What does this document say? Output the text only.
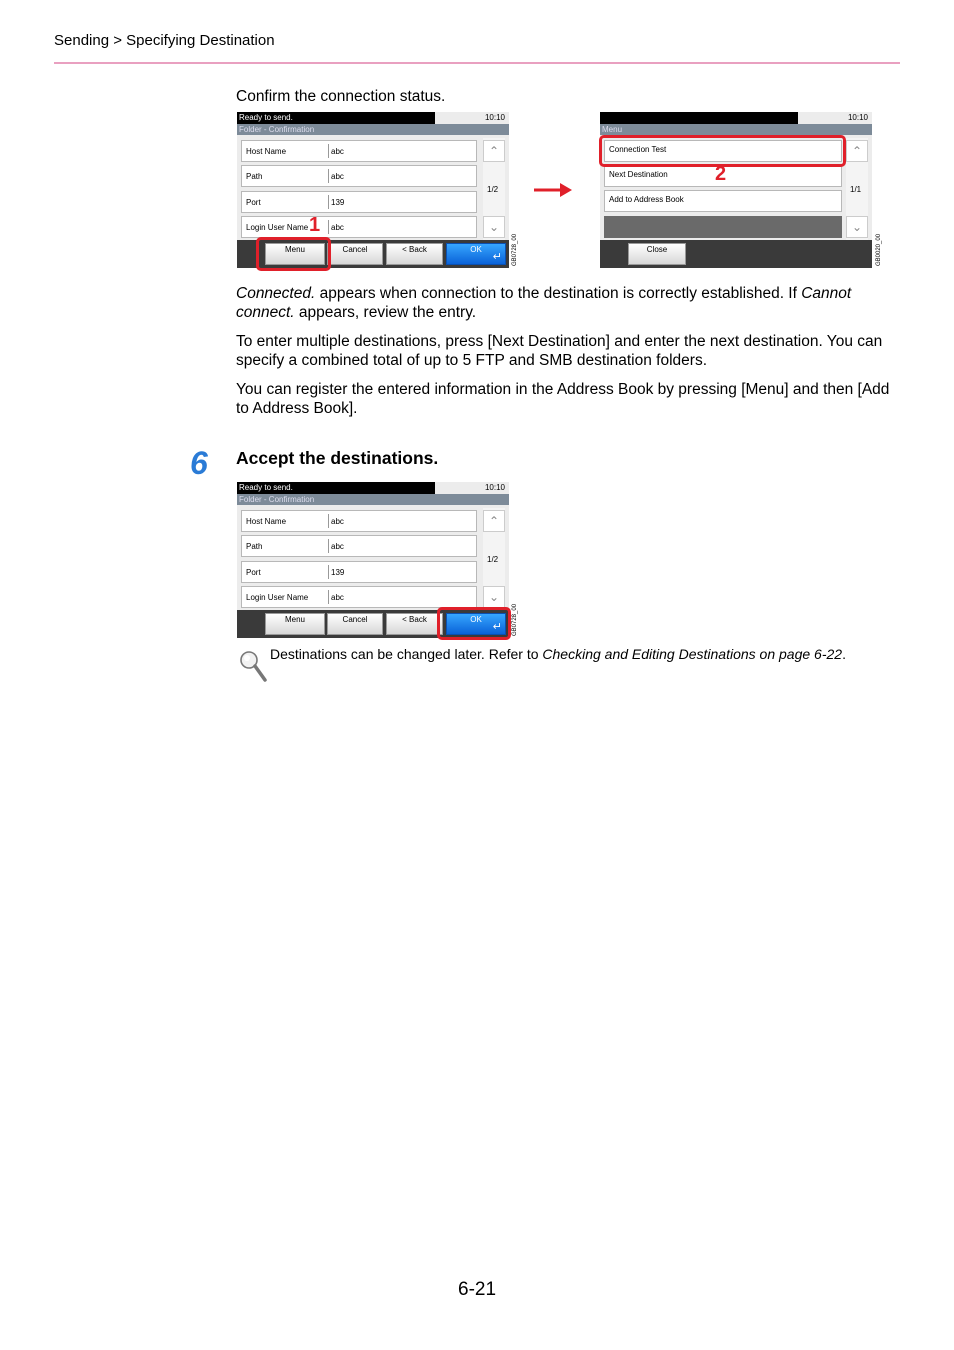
Sending > Specifying Destination
Confirm the connection status.
Ready to send.	10:10
Folder - Confirmation
Host Name	abc
Path	abc
Port	139
Login User Name	abc
⌃
1/2
⌄
Menu	Cancel	< Back	OK
↵ GB0728_00
1
10:10
Menu
Connection Test
Next Destination
Add to Address Book
⌃
1/1
⌄
Close	GB0020_00
2
Connected. appears when connection to the destination is correctly established. If Cannot connect. appears, review the entry.
To enter multiple destinations, press [Next Destination] and enter the next destination. You can specify a combined total of up to 5 FTP and SMB destination folders.
You can register the entered information in the Address Book by pressing [Menu] and then [Add to Address Book].
6 Accept the destinations.
Ready to send.	10:10
Folder - Confirmation
Host Name	abc
Path	abc
Port	139
Login User Name	abc
⌃
1/2
⌄
Menu	Cancel	< Back	OK
↵ GB0728_00
Destinations can be changed later. Refer to Checking and Editing Destinations on page 6-22.
6-21
